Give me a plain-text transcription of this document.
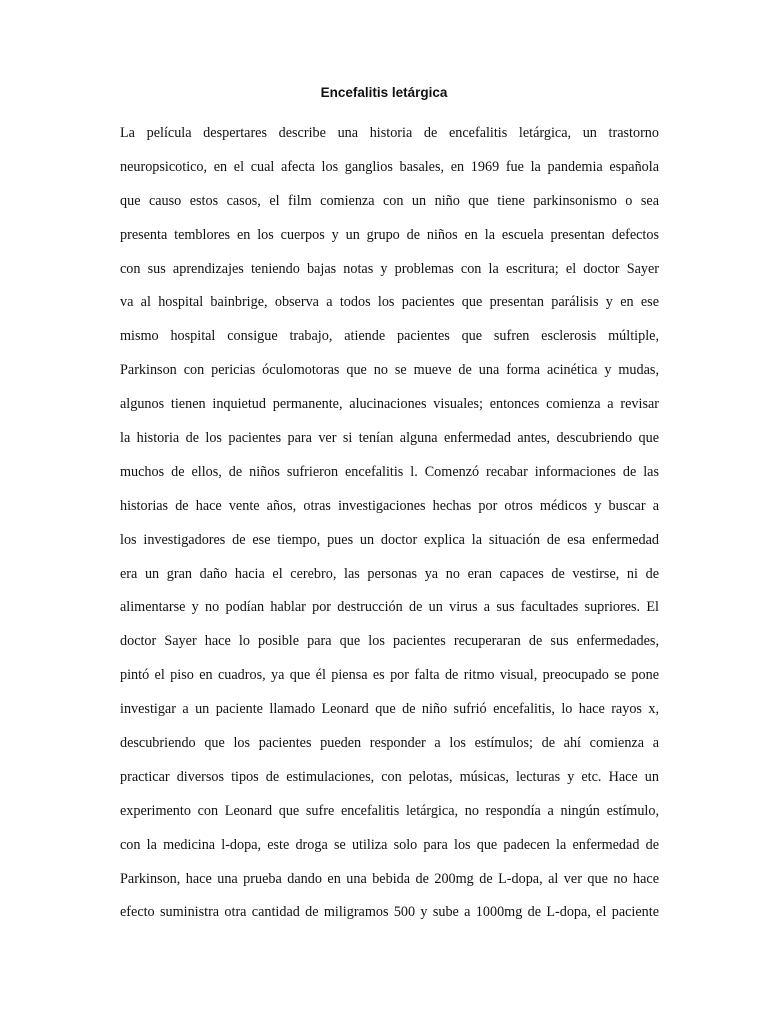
Encefalitis letárgica
La película despertares describe una historia de encefalitis letárgica, un trastorno
neuropsicotico, en el cual afecta los ganglios basales, en 1969 fue la pandemia española
que causo estos casos, el film comienza con un niño que tiene parkinsonismo o sea
presenta temblores en los cuerpos y un grupo de niños en la escuela presentan defectos
con sus aprendizajes teniendo bajas notas y problemas con la escritura; el doctor Sayer
va al hospital bainbrige, observa a todos los pacientes que presentan parálisis y en ese
mismo hospital consigue trabajo, atiende pacientes que sufren esclerosis múltiple,
Parkinson con pericias óculomotoras que no se mueve de una forma acinética y mudas,
algunos tienen inquietud permanente, alucinaciones visuales; entonces comienza a revisar
la historia de los pacientes para ver si tenían alguna enfermedad antes, descubriendo que
muchos de ellos, de niños sufrieron encefalitis l. Comenzó recabar informaciones de las
historias de hace vente años, otras investigaciones hechas por otros médicos y buscar a
los investigadores de ese tiempo, pues un doctor explica la situación de esa enfermedad
era un gran daño hacia el cerebro, las personas ya no eran capaces de vestirse, ni de
alimentarse y no podían hablar por destrucción de un virus a sus facultades supriores. El
doctor Sayer hace lo posible para que los pacientes recuperaran de sus enfermedades,
pintó el piso en cuadros, ya que él piensa es por falta de ritmo visual, preocupado se pone
investigar a un paciente llamado Leonard que de niño sufrió encefalitis, lo hace rayos x,
descubriendo que los pacientes pueden responder a los estímulos; de ahí comienza a
practicar diversos tipos de estimulaciones, con pelotas, músicas, lecturas y etc. Hace un
experimento con Leonard que sufre encefalitis letárgica, no respondía a ningún estímulo,
con la medicina l-dopa, este droga se utiliza solo para los que padecen la enfermedad de
Parkinson, hace una prueba dando en una bebida de 200mg de L-dopa, al ver que no hace
efecto suministra otra cantidad de miligramos 500 y sube a 1000mg de L-dopa, el paciente
